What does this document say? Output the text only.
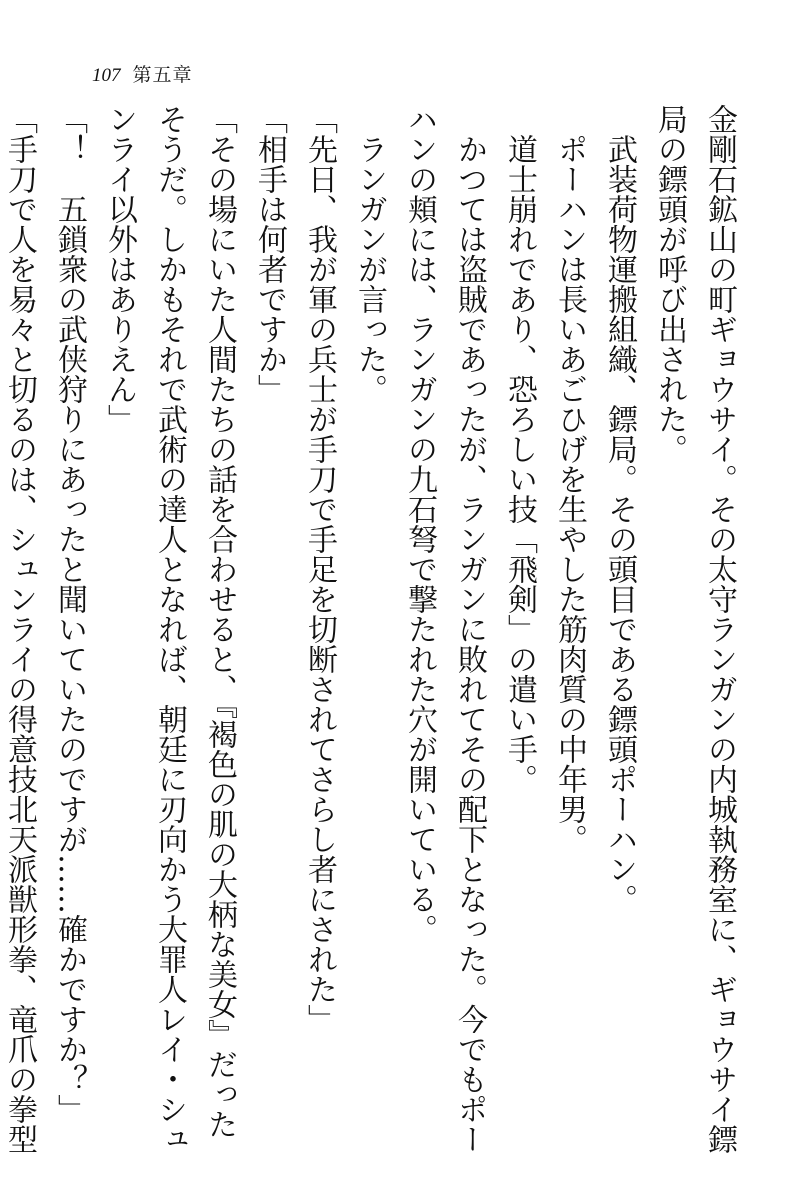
107 第五章

金剛石鉱山の町ギョウサイ。その太守ランガンの内城執務室に、ギョウサイ鏢局の鏢頭が呼び出された。

武装荷物運搬組織、鏢局。その頭目である鏢頭ポーハン。

ポーハンは長いあごひげを生やした筋肉質の中年男。

道士崩れであり、恐ろしい技「飛剣」の遣い手。

かつては盗賊であったが、ランガンに敗れてその配下となった。今でもポーハンの頬には、ランガンの九石弩で撃たれた穴が開いている。

ランガンが言った。

「先日、我が軍の兵士が手刀で手足を切断されてさらし者にされた」

「相手は何者ですか」

「その場にいた人間たちの話を合わせると、『褐色の肌の大柄な美女』だったそうだ。しかもそれで武術の達人となれば、朝廷に刃向かう大罪人レイ・シュンライ以外はありえん」

「！　五鎖衆の武侠狩りにあったと聞いていたのですが……確かですか？」

「手刀で人を易々と切るのは、シュンライの得意技北天派獣形拳、竜爪の拳型
